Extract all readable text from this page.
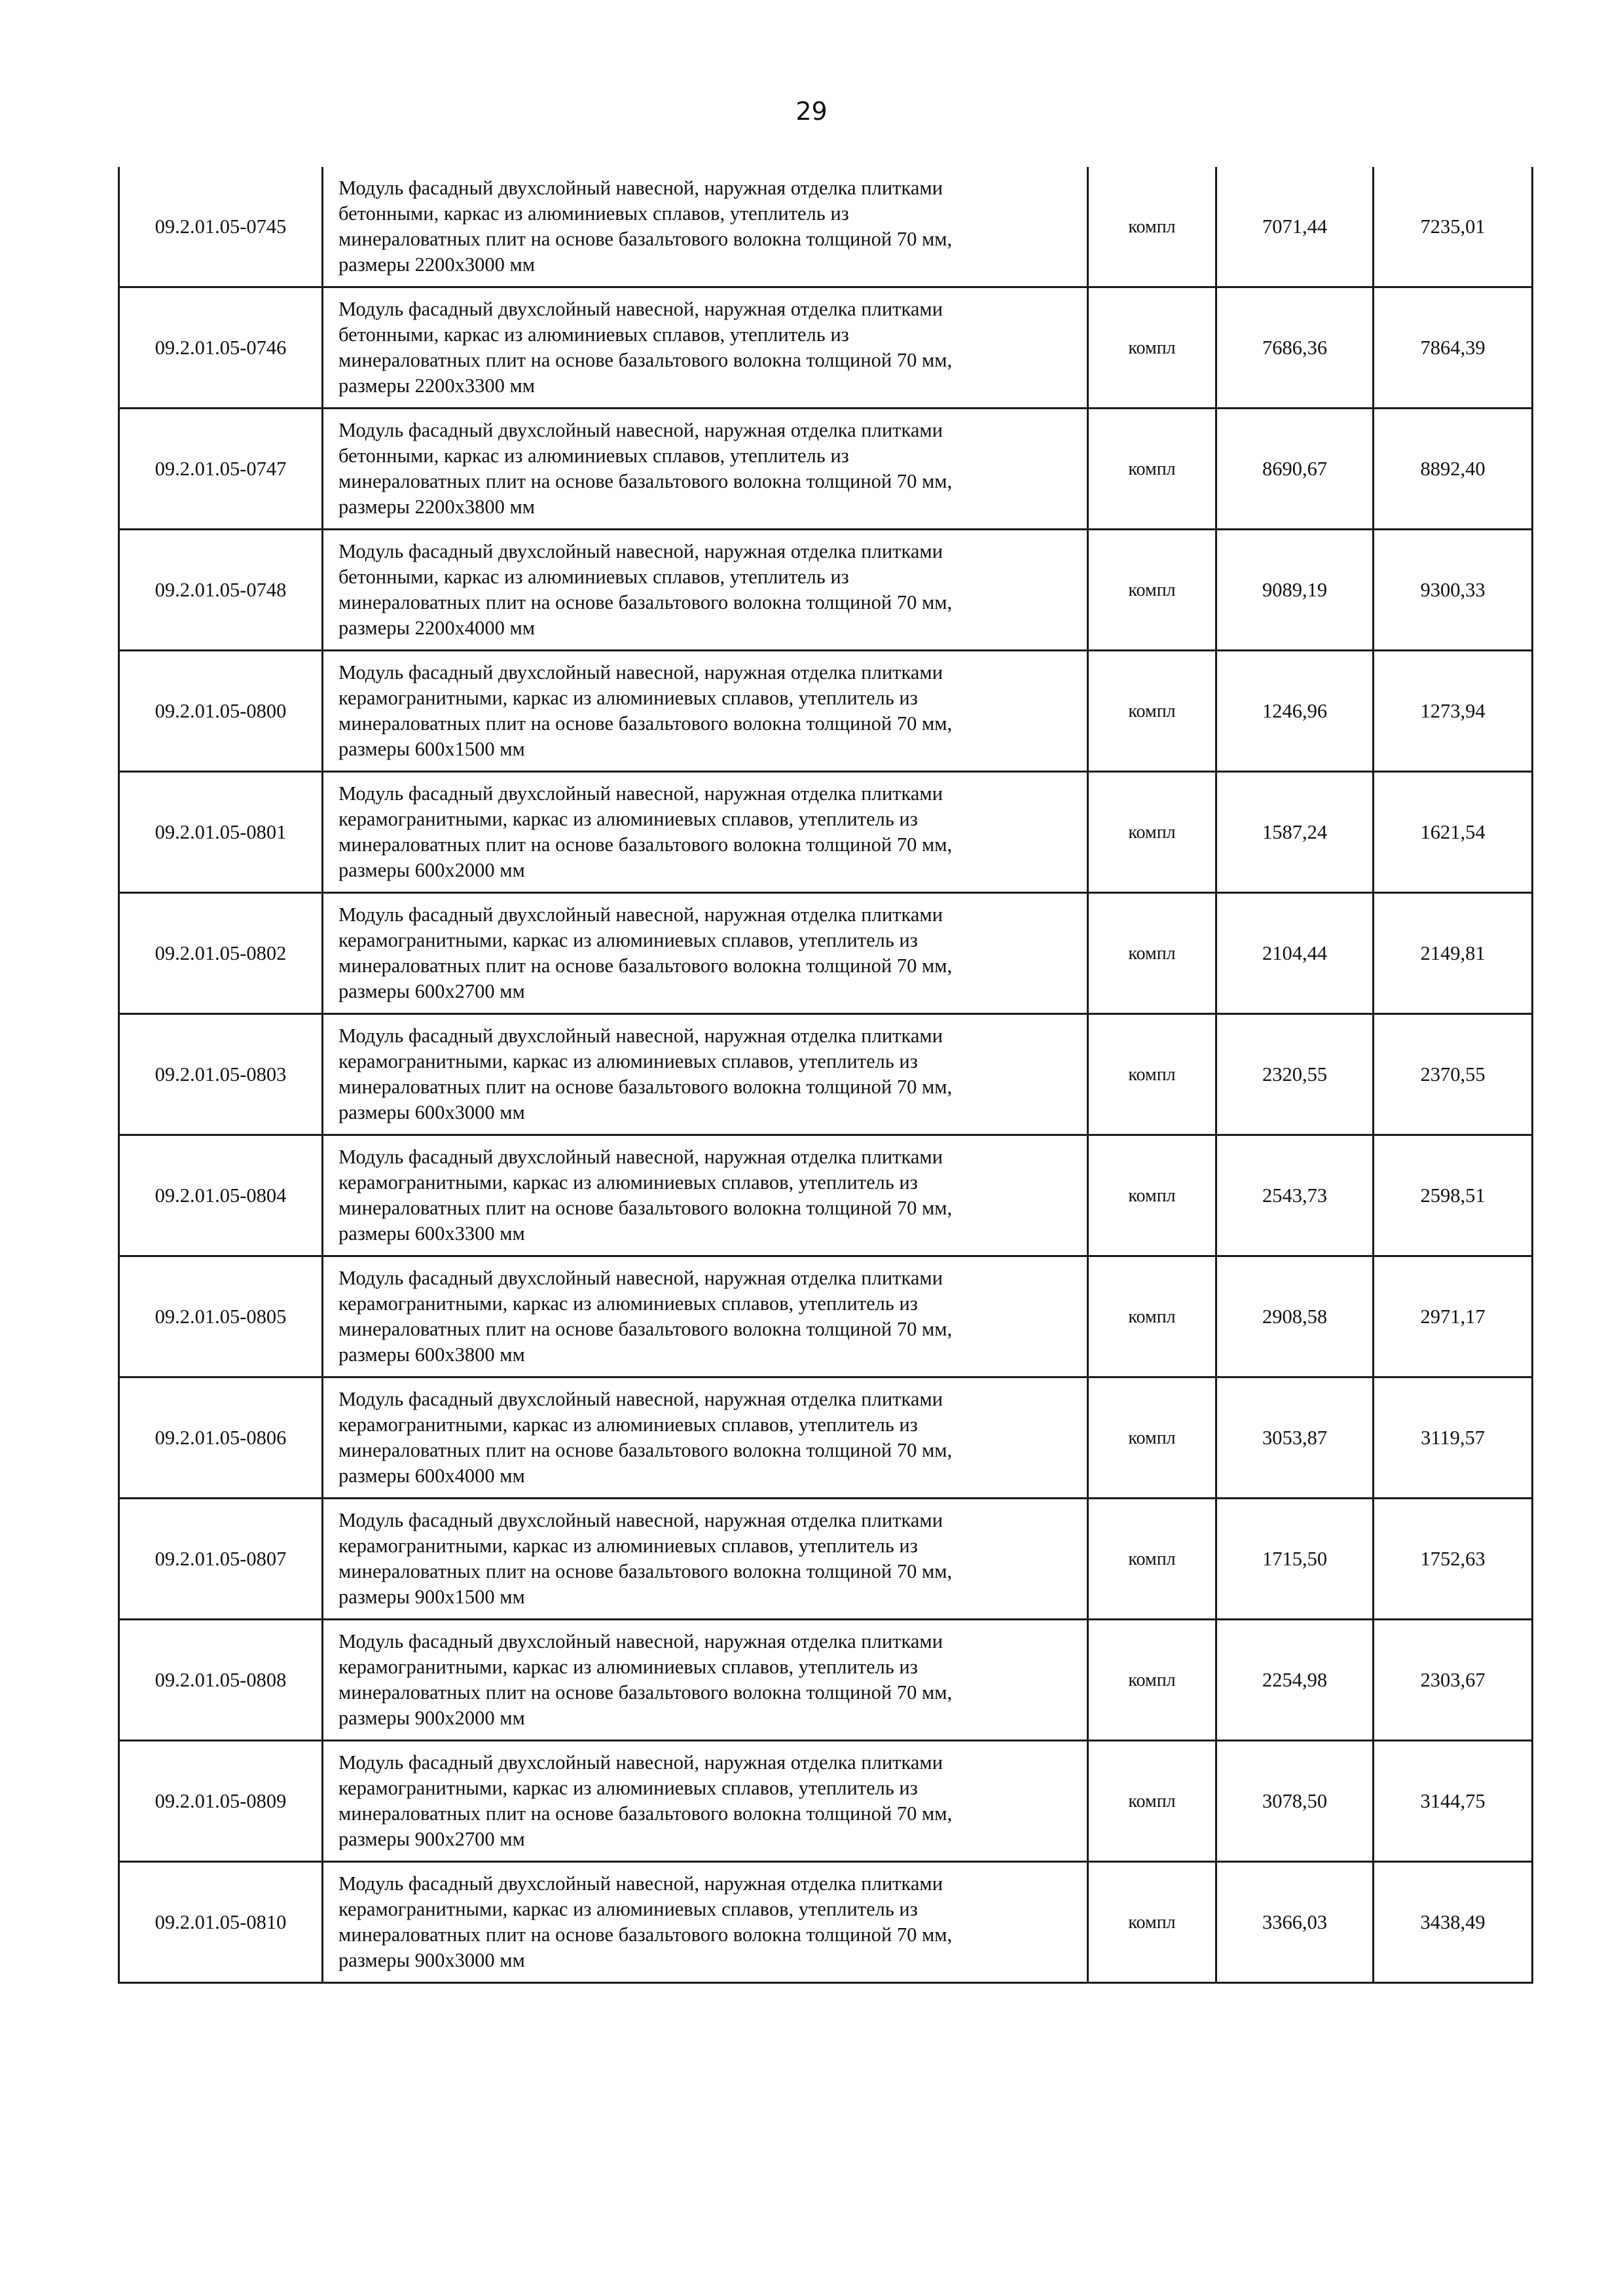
29
09.2.01.05-0745	Модуль фасадный двухслойный навесной, наружная отделка плитками
бетонными, каркас из алюминиевых сплавов, утеплитель из
минераловатных плит на основе базальтового волокна толщиной 70 мм,
размеры 2200х3000 мм	компл	7071,44	7235,01
09.2.01.05-0746	Модуль фасадный двухслойный навесной, наружная отделка плитками
бетонными, каркас из алюминиевых сплавов, утеплитель из
минераловатных плит на основе базальтового волокна толщиной 70 мм,
размеры 2200х3300 мм	компл	7686,36	7864,39
09.2.01.05-0747	Модуль фасадный двухслойный навесной, наружная отделка плитками
бетонными, каркас из алюминиевых сплавов, утеплитель из
минераловатных плит на основе базальтового волокна толщиной 70 мм,
размеры 2200х3800 мм	компл	8690,67	8892,40
09.2.01.05-0748	Модуль фасадный двухслойный навесной, наружная отделка плитками
бетонными, каркас из алюминиевых сплавов, утеплитель из
минераловатных плит на основе базальтового волокна толщиной 70 мм,
размеры 2200х4000 мм	компл	9089,19	9300,33
09.2.01.05-0800	Модуль фасадный двухслойный навесной, наружная отделка плитками
керамогранитными, каркас из алюминиевых сплавов, утеплитель из
минераловатных плит на основе базальтового волокна толщиной 70 мм,
размеры 600х1500 мм	компл	1246,96	1273,94
09.2.01.05-0801	Модуль фасадный двухслойный навесной, наружная отделка плитками
керамогранитными, каркас из алюминиевых сплавов, утеплитель из
минераловатных плит на основе базальтового волокна толщиной 70 мм,
размеры 600х2000 мм	компл	1587,24	1621,54
09.2.01.05-0802	Модуль фасадный двухслойный навесной, наружная отделка плитками
керамогранитными, каркас из алюминиевых сплавов, утеплитель из
минераловатных плит на основе базальтового волокна толщиной 70 мм,
размеры 600х2700 мм	компл	2104,44	2149,81
09.2.01.05-0803	Модуль фасадный двухслойный навесной, наружная отделка плитками
керамогранитными, каркас из алюминиевых сплавов, утеплитель из
минераловатных плит на основе базальтового волокна толщиной 70 мм,
размеры 600х3000 мм	компл	2320,55	2370,55
09.2.01.05-0804	Модуль фасадный двухслойный навесной, наружная отделка плитками
керамогранитными, каркас из алюминиевых сплавов, утеплитель из
минераловатных плит на основе базальтового волокна толщиной 70 мм,
размеры 600х3300 мм	компл	2543,73	2598,51
09.2.01.05-0805	Модуль фасадный двухслойный навесной, наружная отделка плитками
керамогранитными, каркас из алюминиевых сплавов, утеплитель из
минераловатных плит на основе базальтового волокна толщиной 70 мм,
размеры 600х3800 мм	компл	2908,58	2971,17
09.2.01.05-0806	Модуль фасадный двухслойный навесной, наружная отделка плитками
керамогранитными, каркас из алюминиевых сплавов, утеплитель из
минераловатных плит на основе базальтового волокна толщиной 70 мм,
размеры 600х4000 мм	компл	3053,87	3119,57
09.2.01.05-0807	Модуль фасадный двухслойный навесной, наружная отделка плитками
керамогранитными, каркас из алюминиевых сплавов, утеплитель из
минераловатных плит на основе базальтового волокна толщиной 70 мм,
размеры 900х1500 мм	компл	1715,50	1752,63
09.2.01.05-0808	Модуль фасадный двухслойный навесной, наружная отделка плитками
керамогранитными, каркас из алюминиевых сплавов, утеплитель из
минераловатных плит на основе базальтового волокна толщиной 70 мм,
размеры 900х2000 мм	компл	2254,98	2303,67
09.2.01.05-0809	Модуль фасадный двухслойный навесной, наружная отделка плитками
керамогранитными, каркас из алюминиевых сплавов, утеплитель из
минераловатных плит на основе базальтового волокна толщиной 70 мм,
размеры 900х2700 мм	компл	3078,50	3144,75
09.2.01.05-0810	Модуль фасадный двухслойный навесной, наружная отделка плитками
керамогранитными, каркас из алюминиевых сплавов, утеплитель из
минераловатных плит на основе базальтового волокна толщиной 70 мм,
размеры 900х3000 мм	компл	3366,03	3438,49
